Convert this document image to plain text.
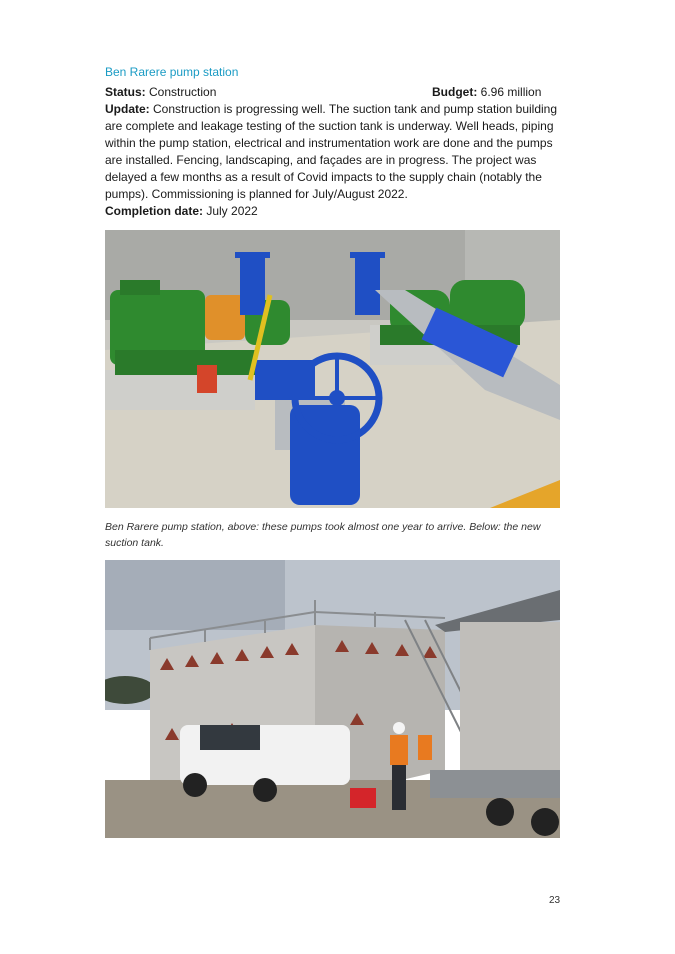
Ben Rarere pump station
Status: Construction	Budget: 6.96 million
Update: Construction is progressing well. The suction tank and pump station building are complete and leakage testing of the suction tank is underway. Well heads, piping within the pump station, electrical and instrumentation work are done and the pumps are installed. Fencing, landscaping, and façades are in progress. The project was delayed a few months as a result of Covid impacts to the supply chain (notably the pumps). Commissioning is planned for July/August 2022.
Completion date: July 2022
Ben Rarere pump station, above: these pumps took almost one year to arrive. Below: the new suction tank.
23
